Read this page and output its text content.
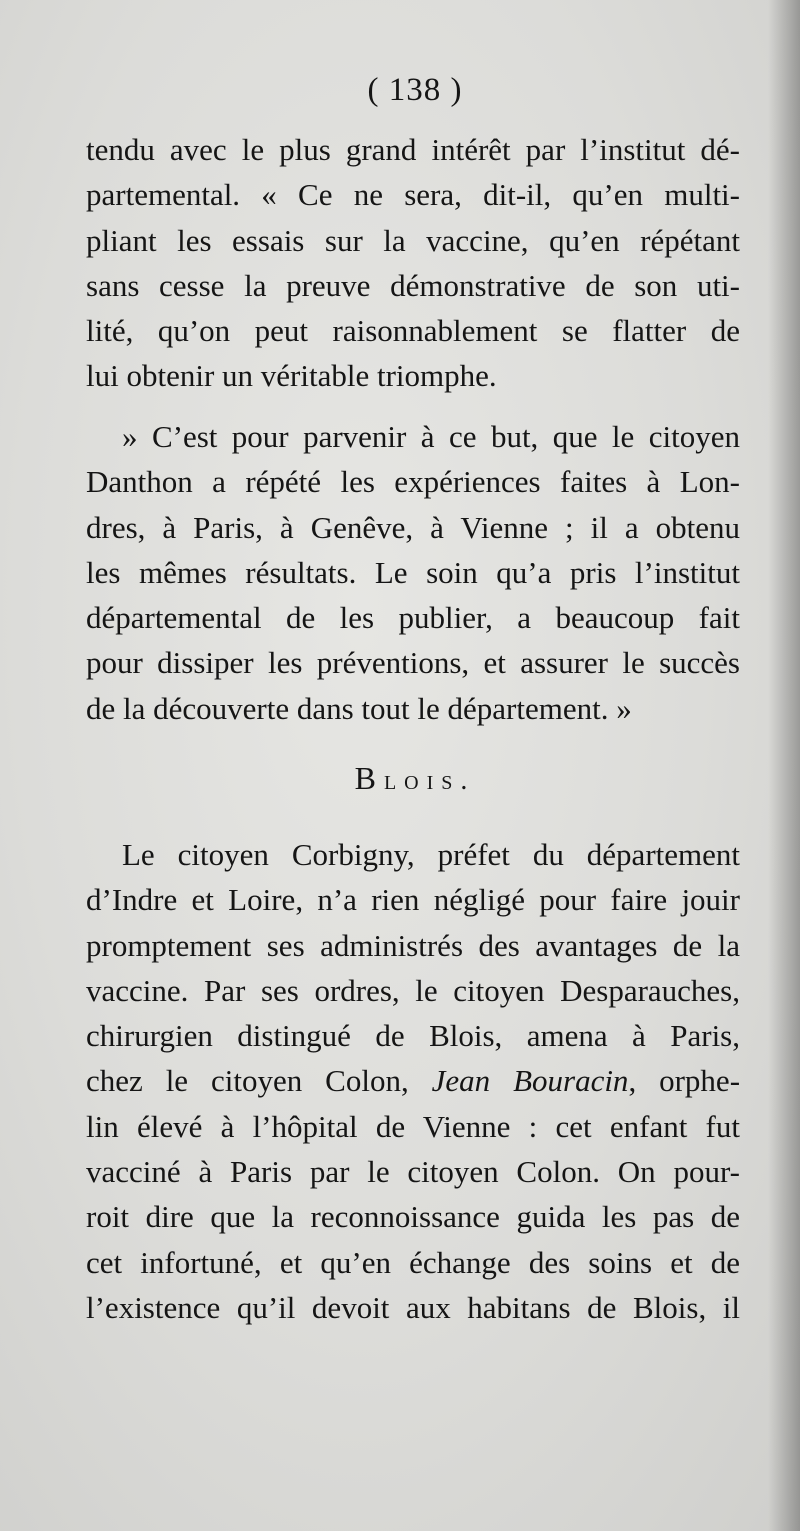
( 138 )
tendu avec le plus grand intérêt par l’institut dé-
partemental. « Ce ne sera, dit-il, qu’en multi-
pliant les essais sur la vaccine, qu’en répétant
sans cesse la preuve démonstrative de son uti-
lité, qu’on peut raisonnablement se flatter de
lui obtenir un véritable triomphe.
» C’est pour parvenir à ce but, que le citoyen
Danthon a répété les expériences faites à Lon-
dres, à Paris, à Genêve, à Vienne ; il a obtenu
les mêmes résultats. Le soin qu’a pris l’institut
départemental de les publier, a beaucoup fait
pour dissiper les préventions, et assurer le succès
de la découverte dans tout le département. »
Blois.
Le citoyen Corbigny, préfet du département
d’Indre et Loire, n’a rien négligé pour faire jouir
promptement ses administrés des avantages de la
vaccine. Par ses ordres, le citoyen Desparauches,
chirurgien distingué de Blois, amena à Paris,
chez le citoyen Colon, Jean Bouracin, orphe-
lin élevé à l’hôpital de Vienne : cet enfant fut
vacciné à Paris par le citoyen Colon. On pour-
roit dire que la reconnoissance guida les pas de
cet infortuné, et qu’en échange des soins et de
l’existence qu’il devoit aux habitans de Blois, il
